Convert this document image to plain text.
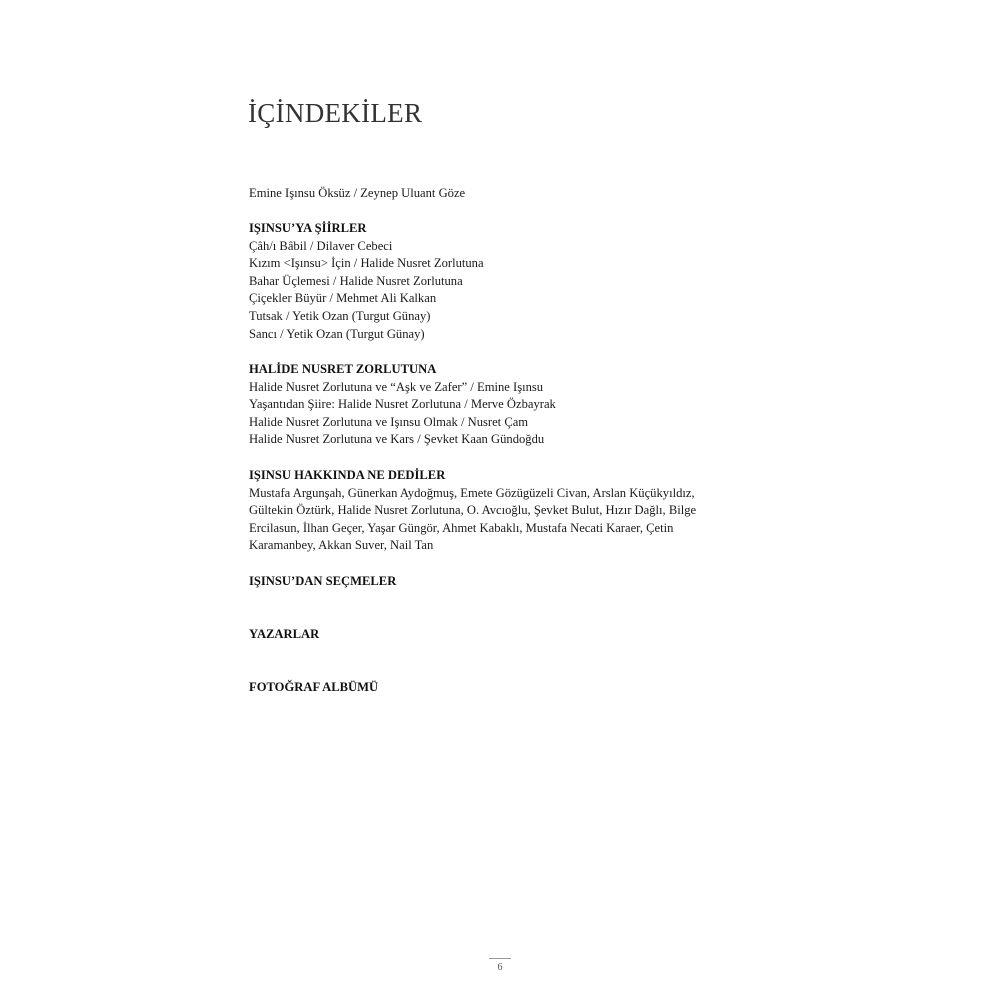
İÇİNDEKİLER
Emine Işınsu Öksüz / Zeynep Uluant Göze
IŞINSU’YA ŞİİRLER
Çâh/ı Bâbil / Dilaver Cebeci
Kızım <Işınsu> İçin / Halide Nusret Zorlutuna
Bahar Üçlemesi / Halide Nusret Zorlutuna
Çiçekler Büyür / Mehmet Ali Kalkan
Tutsak / Yetik Ozan (Turgut Günay)
Sancı / Yetik Ozan (Turgut Günay)
HALİDE NUSRET ZORLUTUNA
Halide Nusret Zorlutuna ve “Aşk ve Zafer” / Emine Işınsu
Yaşantıdan Şiire: Halide Nusret Zorlutuna / Merve Özbayrak
Halide Nusret Zorlutuna ve Işınsu Olmak / Nusret Çam
Halide Nusret Zorlutuna ve Kars / Şevket Kaan Gündoğdu
IŞINSU HAKKINDA NE DEDİLER
Mustafa Argunşah, Günerkan Aydoğmuş, Emete Gözügüzeli Civan, Arslan Küçükyıldız,
Gültekin Öztürk, Halide Nusret Zorlutuna, O. Avcıoğlu, Şevket Bulut, Hızır Dağlı, Bilge
Ercilasun, İlhan Geçer, Yaşar Güngör, Ahmet Kabaklı, Mustafa Necati Karaer, Çetin
Karamanbey, Akkan Suver, Nail Tan
IŞINSU’DAN SEÇMELER
YAZARLAR
FOTOĞRAF ALBÜMÜ
6
